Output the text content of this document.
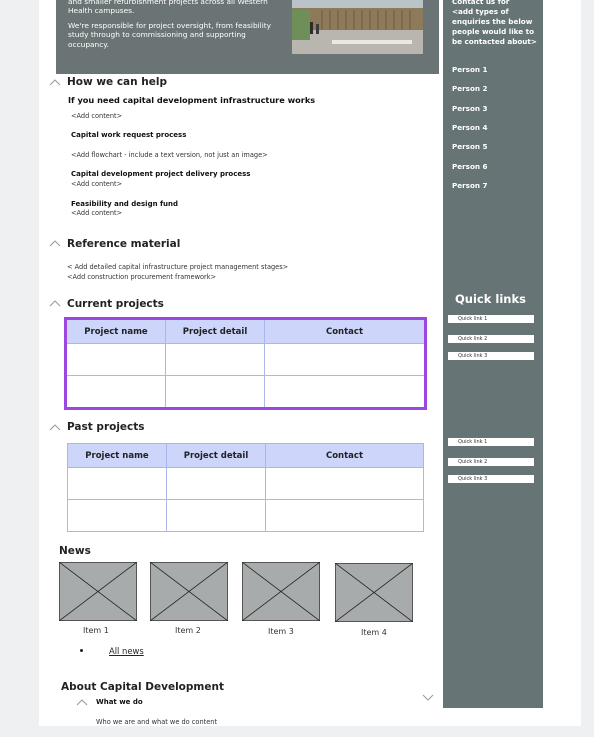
and smaller refurbishment projects across all Western Health campuses.

We're responsible for project oversight, from feasibility study through to commissioning and supporting occupancy.

How we can help
If you need capital development infrastructure works
<Add content>
Capital work request process
<Add flowchart - include a text version, not just an image>
Capital development project delivery process
<Add content>
Feasibility and design fund
<Add content>
Reference material
< Add detailed capital infrastructure project management stages>
<Add construction procurement framework>
Current projects
Project name	Project detail	Contact

Past projects
Project name	Project detail	Contact

News
Item 1	Item 2	Item 3	Item 4
All news
About Capital Development
What we do
Who we are and what we do content
Contact us for
<add types of
enquiries the below
people would like to
be contacted about>
Person 1
Person 2
Person 3
Person 4
Person 5
Person 6
Person 7
Quick links
Quick link 1
Quick link 2
Quick link 3
Quick link 1
Quick link 2
Quick link 3
